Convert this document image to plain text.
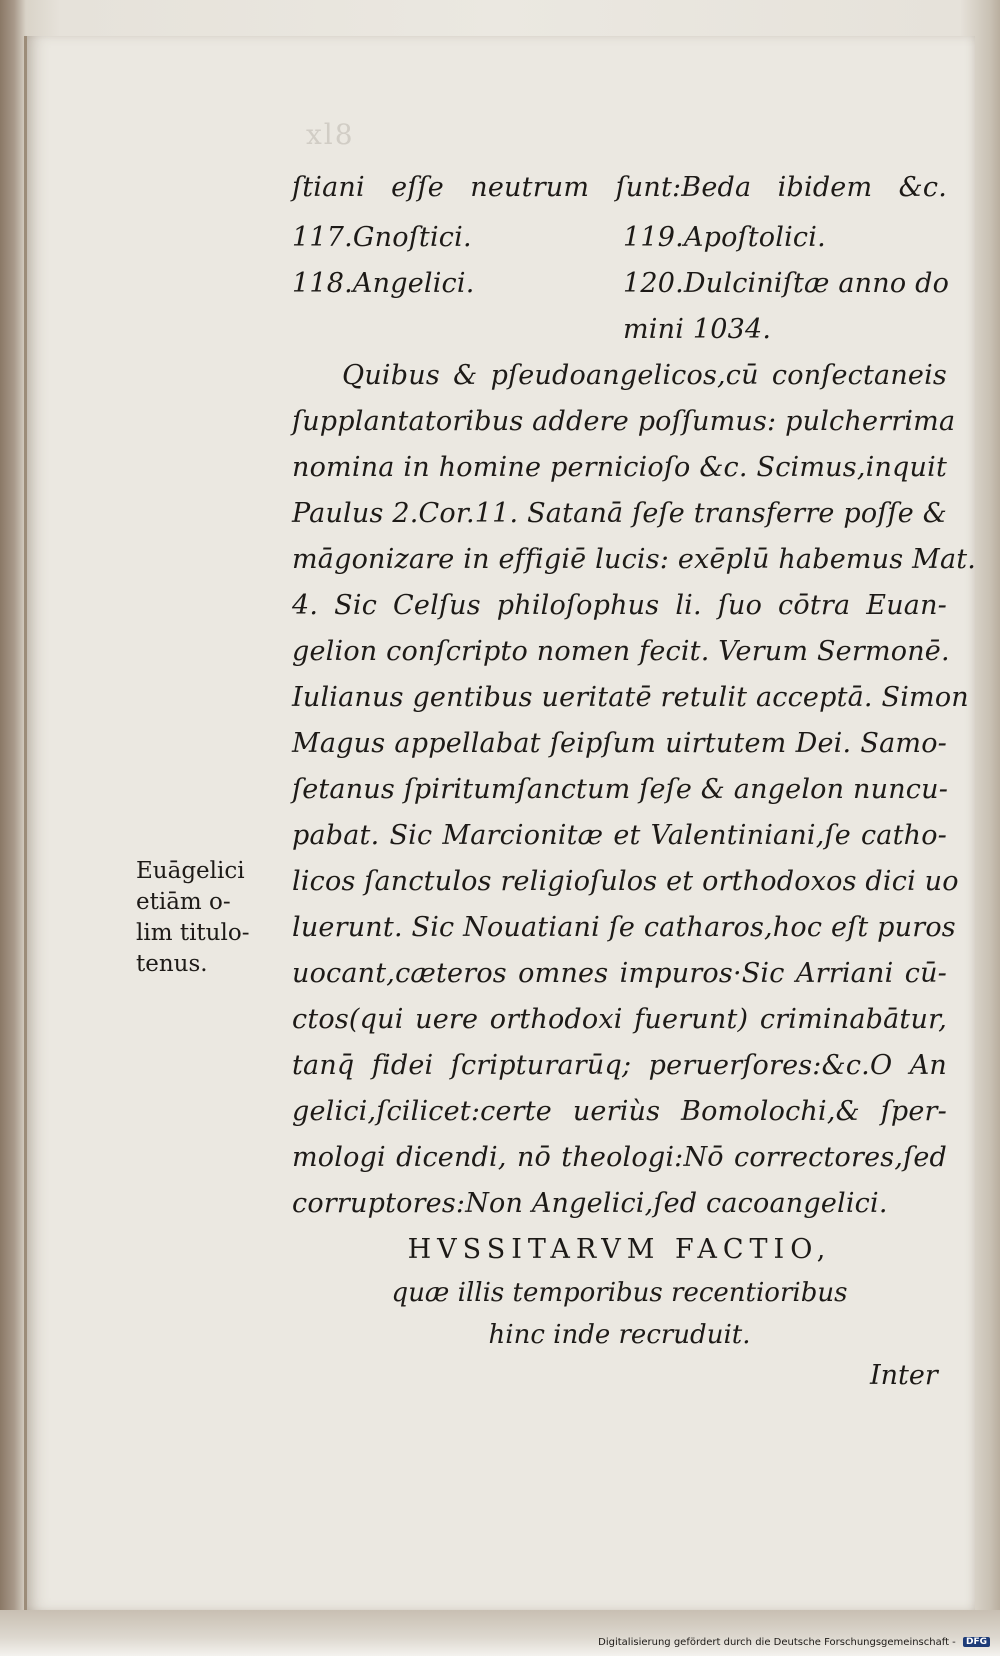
xl8
ſtiani eſſe neutrum ſunt:Beda ibidem &c.
117.Gnoſtici.	119.Apoſtolici.
118.Angelici.	120.Dulciniſtæ anno do
mini 1034.
Quibus & pſeudoangelicos,cū conſectaneis
ſupplantatoribus addere poſſumus: pulcherrima
nomina in homine pernicioſo &c. Scimus,inquit
Paulus 2.Cor.11. Satanā ſeſe transferre poſſe &
māgonizare in effigiē lucis: exēplū habemus Mat.
4. Sic Celſus philoſophus li. ſuo cōtra Euan-
gelion conſcripto nomen fecit. Verum Sermonē.
Iulianus gentibus ueritatē retulit acceptā. Simon
Magus appellabat ſeipſum uirtutem Dei. Samo-
ſetanus ſpiritumſanctum ſeſe & angelon nuncu-
pabat. Sic Marcionitæ et Valentiniani,ſe catho-
licos ſanctulos religioſulos et orthodoxos dici uo
luerunt. Sic Nouatiani ſe catharos,hoc eſt puros
uocant,cæteros omnes impuros·Sic Arriani cū-
ctos(qui uere orthodoxi fuerunt) criminabātur,
tanq̄ fidei ſcripturarūq; peruerſores:&c.O An
gelici,ſcilicet:certe ueriùs Bomolochi,& ſper-
mologi dicendi, nō theologi:Nō correctores,ſed
corruptores:Non Angelici,ſed cacoangelici.
Euāgelici
etiām o-
lim titulo-
tenus.
HVSSITARVM FACTIO,
quæ illis temporibus recentioribus
hinc inde recruduit.
Inter
Digitalisierung gefördert durch die Deutsche Forschungsgemeinschaft - DFG
